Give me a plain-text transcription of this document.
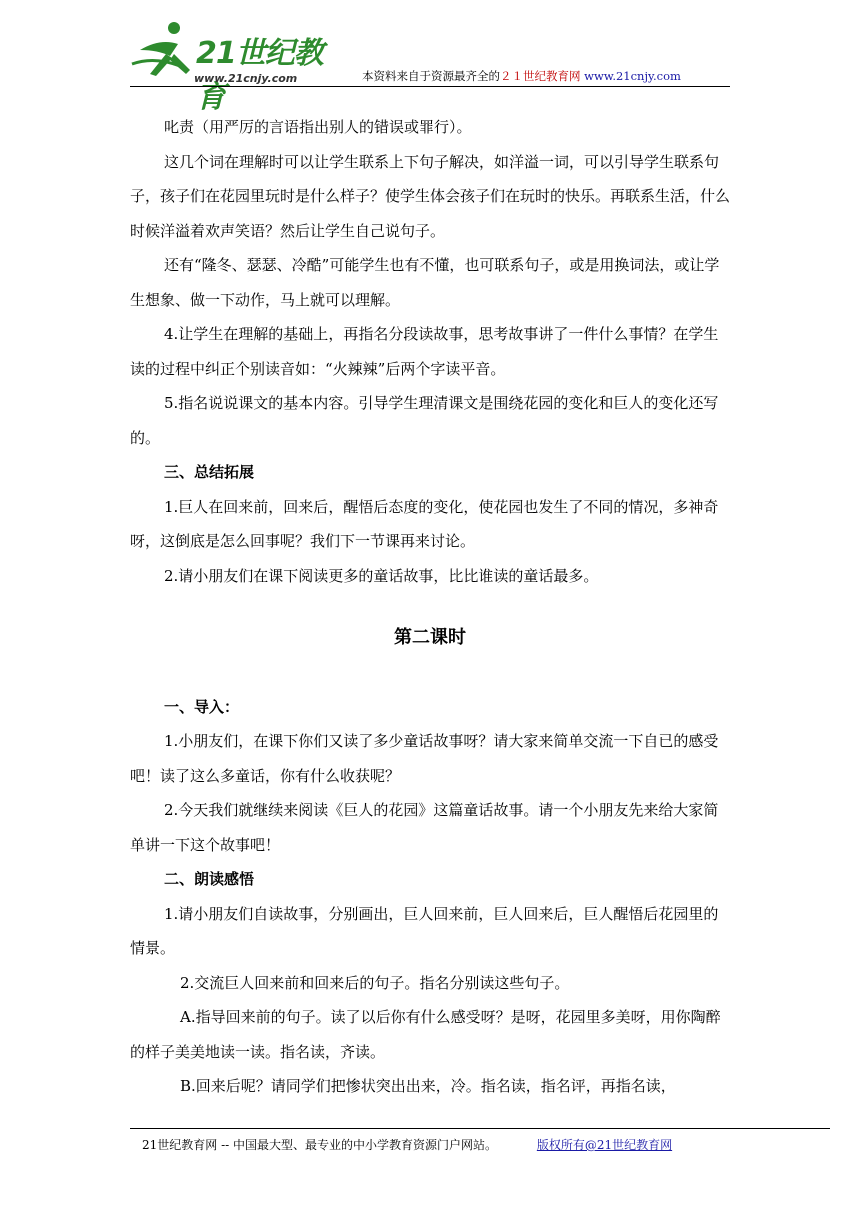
21世纪教育
www.21cnjy.com	本资料来自于资源最齐全的２１世纪教育网 www.21cnjy.com

叱责（用严厉的言语指出别人的错误或罪行）。

这几个词在理解时可以让学生联系上下句子解决，如洋溢一词，可以引导学生联系句子，孩子们在花园里玩时是什么样子？使学生体会孩子们在玩时的快乐。再联系生活，什么时候洋溢着欢声笑语？然后让学生自己说句子。

还有“隆冬、瑟瑟、冷酷”可能学生也有不懂，也可联系句子，或是用换词法，或让学生想象、做一下动作，马上就可以理解。

4.让学生在理解的基础上，再指名分段读故事，思考故事讲了一件什么事情？在学生读的过程中纠正个别读音如：“火辣辣”后两个字读平音。

5.指名说说课文的基本内容。引导学生理清课文是围绕花园的变化和巨人的变化还写的。

三、总结拓展

1.巨人在回来前，回来后，醒悟后态度的变化，使花园也发生了不同的情况，多神奇呀，这倒底是怎么回事呢？我们下一节课再来讨论。

2.请小朋友们在课下阅读更多的童话故事，比比谁读的童话最多。

第二课时

一、导入：

1.小朋友们，在课下你们又读了多少童话故事呀？请大家来简单交流一下自已的感受吧！读了这么多童话，你有什么收获呢？

2.今天我们就继续来阅读《巨人的花园》这篇童话故事。请一个小朋友先来给大家简单讲一下这个故事吧！

二、朗读感悟

1.请小朋友们自读故事，分别画出，巨人回来前，巨人回来后，巨人醒悟后花园里的情景。

2.交流巨人回来前和回来后的句子。指名分别读这些句子。

A.指导回来前的句子。读了以后你有什么感受呀？是呀，花园里多美呀，用你陶醉的样子美美地读一读。指名读，齐读。

B.回来后呢？请同学们把惨状突出出来，冷。指名读，指名评，再指名读，

21世纪教育网 -- 中国最大型、最专业的中小学教育资源门户网站。	版权所有@21世纪教育网
